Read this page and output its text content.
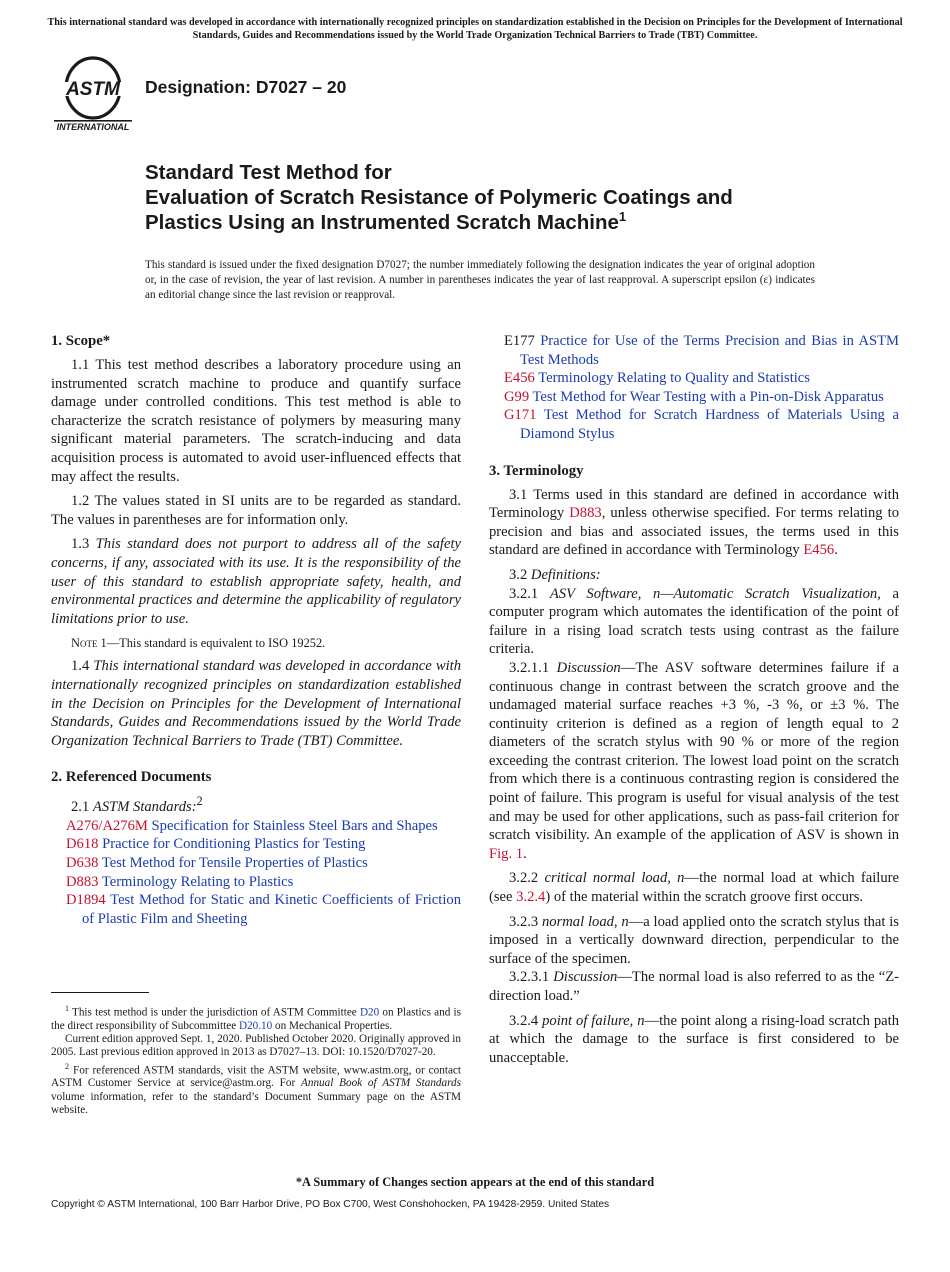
This international standard was developed in accordance with internationally recognized principles on standardization established in the Decision on Principles for the Development of International Standards, Guides and Recommendations issued by the World Trade Organization Technical Barriers to Trade (TBT) Committee.
ASTM
INTERNATIONAL
Designation: D7027 – 20
Standard Test Method for
Evaluation of Scratch Resistance of Polymeric Coatings and
Plastics Using an Instrumented Scratch Machine$^1$
This standard is issued under the fixed designation D7027; the number immediately following the designation indicates the year of original adoption or, in the case of revision, the year of last revision. A number in parentheses indicates the year of last reapproval. A superscript epsilon (ε) indicates an editorial change since the last revision or reapproval.
1. Scope*

1.1 This test method describes a laboratory procedure using an instrumented scratch machine to produce and quantify surface damage under controlled conditions. This test method is able to characterize the scratch resistance of polymers by measuring many significant material parameters. The scratch-inducing and data acquisition process is automated to avoid user-influenced effects that may affect the results.

1.2 The values stated in SI units are to be regarded as standard. The values in parentheses are for information only.

1.3 This standard does not purport to address all of the safety concerns, if any, associated with its use. It is the responsibility of the user of this standard to establish appropriate safety, health, and environmental practices and determine the applicability of regulatory limitations prior to use.

Note 1—This standard is equivalent to ISO 19252.

1.4 This international standard was developed in accordance with internationally recognized principles on standardization established in the Decision on Principles for the Development of International Standards, Guides and Recommendations issued by the World Trade Organization Technical Barriers to Trade (TBT) Committee.

2. Referenced Documents

2.1 ASTM Standards:$^2$

A276/A276M Specification for Stainless Steel Bars and Shapes

D618 Practice for Conditioning Plastics for Testing

D638 Test Method for Tensile Properties of Plastics

D883 Terminology Relating to Plastics

D1894 Test Method for Static and Kinetic Coefficients of Friction of Plastic Film and Sheeting

$^1$ This test method is under the jurisdiction of ASTM Committee D20 on Plastics and is the direct responsibility of Subcommittee D20.10 on Mechanical Properties.

Current edition approved Sept. 1, 2020. Published October 2020. Originally approved in 2005. Last previous edition approved in 2013 as D7027–13. DOI: 10.1520/D7027-20.

$^2$ For referenced ASTM standards, visit the ASTM website, www.astm.org, or contact ASTM Customer Service at service@astm.org. For Annual Book of ASTM Standards volume information, refer to the standard’s Document Summary page on the ASTM website.

E177 Practice for Use of the Terms Precision and Bias in ASTM Test Methods

E456 Terminology Relating to Quality and Statistics

G99 Test Method for Wear Testing with a Pin-on-Disk Apparatus

G171 Test Method for Scratch Hardness of Materials Using a Diamond Stylus

3. Terminology

3.1 Terms used in this standard are defined in accordance with Terminology D883, unless otherwise specified. For terms relating to precision and bias and associated issues, the terms used in this standard are defined in accordance with Terminology E456.

3.2 Definitions:

3.2.1 ASV Software, n—Automatic Scratch Visualization, a computer program which automates the identification of the point of failure in a rising load scratch tests using contrast as the failure criteria.

3.2.1.1 Discussion—The ASV software determines failure if a continuous change in contrast between the scratch groove and the undamaged material surface reaches +3 %, -3 %, or ±3 %. The continuity criterion is defined as a region of length equal to 2 diameters of the scratch stylus with 90 % or more of the region exceeding the contrast criterion. The lowest load point on the scratch from which there is a continuous contrasting region is considered the point of failure. This program is useful for visual analysis of the test and may be used for other applications, such as pass-fail criterion for scratch visibility. An example of the application of ASV is shown in Fig. 1.

3.2.2 critical normal load, n—the normal load at which failure (see 3.2.4) of the material within the scratch groove first occurs.

3.2.3 normal load, n—a load applied onto the scratch stylus that is imposed in a vertically downward direction, perpendicular to the surface of the specimen.

3.2.3.1 Discussion—The normal load is also referred to as the “Z-direction load.”

3.2.4 point of failure, n—the point along a rising-load scratch path at which the damage to the surface is first considered to be unacceptable.

*A Summary of Changes section appears at the end of this standard
Copyright © ASTM International, 100 Barr Harbor Drive, PO Box C700, West Conshohocken, PA 19428-2959. United States
